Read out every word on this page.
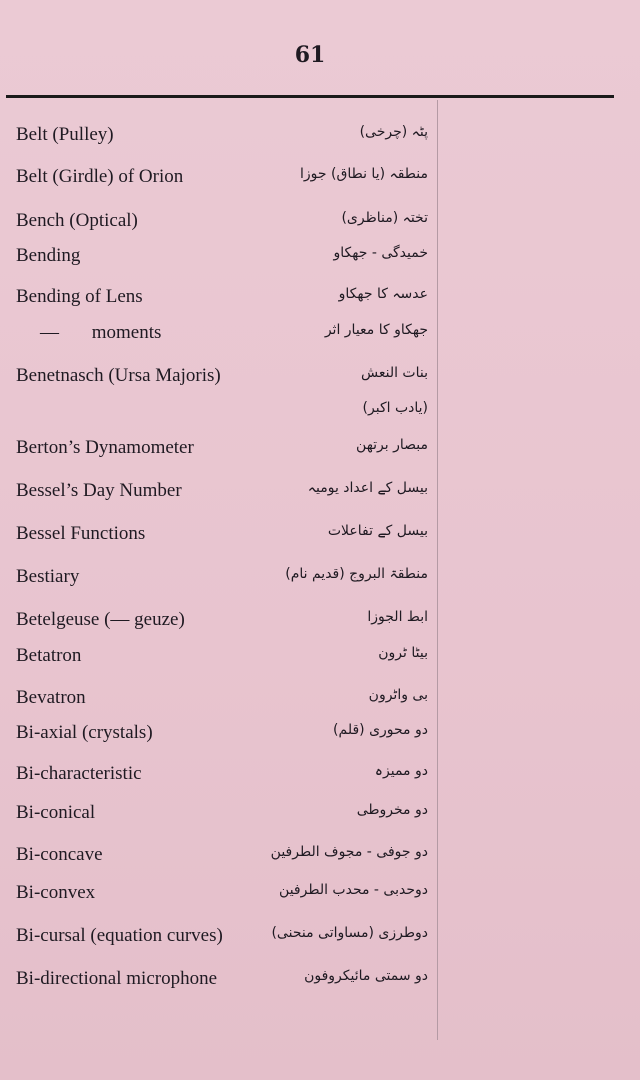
61
Belt (Pulley)	پٹہ (چرخی)
Belt (Girdle) of Orion	منطقہ (یا نطاق) جوزا
Bench (Optical)	تختہ (مناظری)
Bending	خمیدگی - جھکاو
Bending of Lens	عدسہ کا جھکاو
— moments	جھکاو کا معیار اثر
Benetnasch (Ursa Majoris)	بنات النعش
(یادب اکبر)
Berton’s Dynamometer	مبصار برتھن
Bessel’s Day Number	بیسل کے اعداد یومیہ
Bessel Functions	بیسل کے تفاعلات
Bestiary	منطقۃ البروج (قدیم نام)
Betelgeuse (— geuze)	ابط الجوزا
Betatron	بیٹا ٹرون
Bevatron	بی واٹرون
Bi-axial (crystals)	دو محوری (قلم)
Bi-characteristic	دو ممیزہ
Bi-conical	دو مخروطی
Bi-concave	دو جوفی - مجوف الطرفین
Bi-convex	دوحدبی - محدب الطرفین
Bi-cursal (equation curves)	دوطرزی (مساواتی منحنی)
Bi-directional microphone	دو سمتی مائیکروفون
